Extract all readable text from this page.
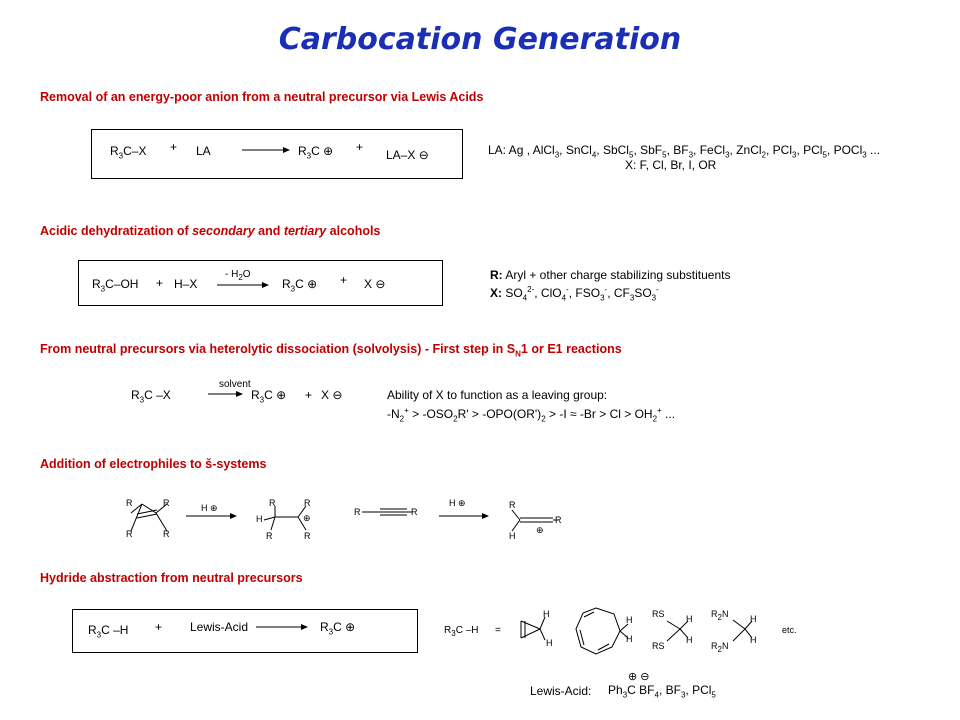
Carbocation Generation
Removal of an energy-poor anion from a neutral precursor via Lewis Acids
$R_3C-X$ + LA	$R_3C$ ⊕ +
LA–X ⊖	LA: Ag , AlCl$_3$, SnCl$_4$, SbCl$_5$, SbF$_5$, $BF_3$, FeCl$_3$, ZnCl$_2$, PCl$_3$, PCl$_5$, POCl$_3$ ...
X: F, Cl, Br, I, OR
Acidic dehydratization of secondary and tertiary alcohols
$R_3C-OH + H-X$
- $H_2O$
$R_3C$ ⊕ + X ⊖
R: Aryl + other charge stabilizing substituents
X: $SO_4^{2-}$, ClO$_4$-, $FSO_3^-$, $CF_3SO_3^-$
From neutral precursors via heterolytic dissociation (solvolysis) - First step in $S_N1$ or E1 reactions
$R_3C$ –X
solvent
$R_3C$ ⊕ + X ⊖	Ability of X to function as a leaving group:
$-N_2^+ > -OSO_2R' > -OPO(OR')_2 > -I \approx -Br > Cl > OH_2^+$ ...
Addition of electrophiles to š-systems
R	R
R	R
H ⊕	R	R
H	⊕
R	R
R	R
H ⊕	R
R
⊕
H
Hydride abstraction from neutral precursors
$R_3C$ –H + Lewis-Acid	$R_3C$ ⊕	$R_3C$ –H =
H
H
H
H
RS
RS
H
H
$R_2N$
$R_2N$
H
H
etc.
Lewis-Acid:
⊕ ⊖
$Ph_3C$ $BF_4$, $BF_3$, PCl$_5$
